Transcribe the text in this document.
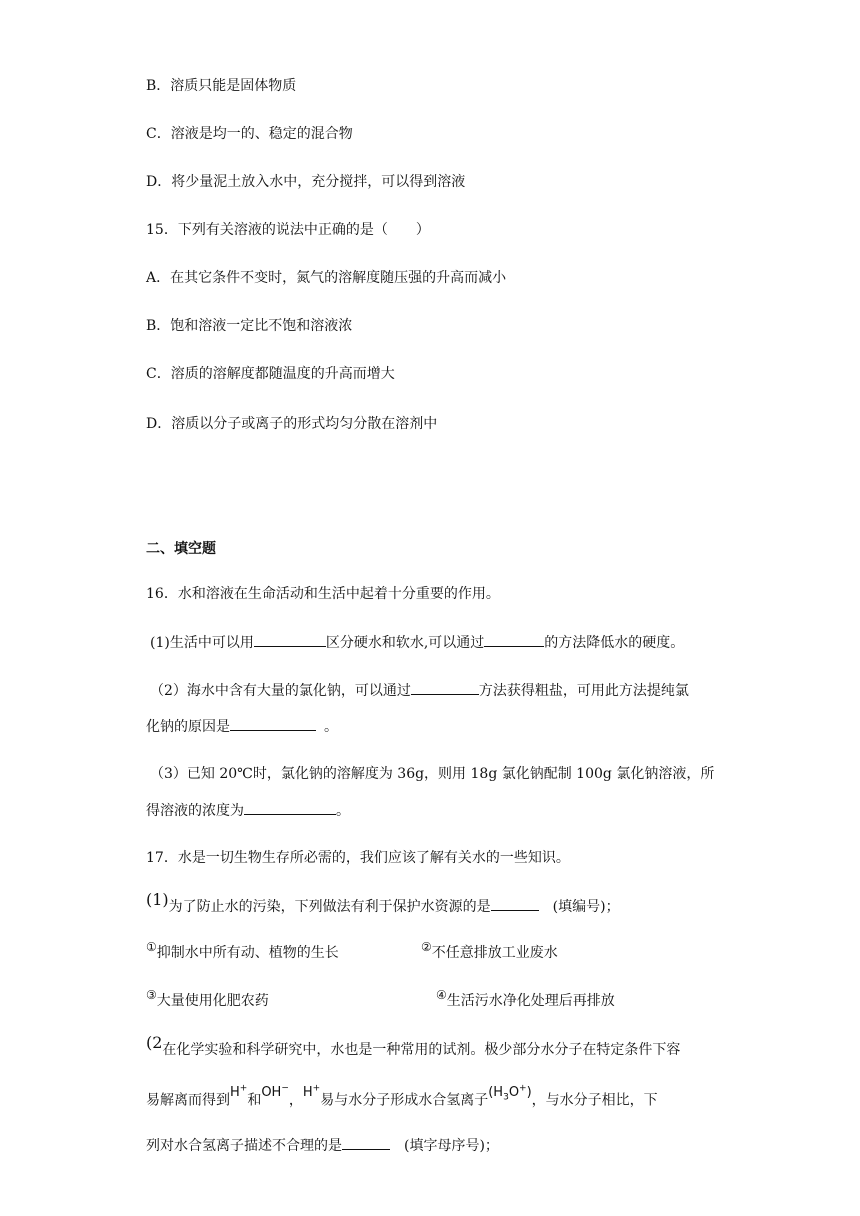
B．溶质只能是固体物质
C．溶液是均一的、稳定的混合物
D．将少量泥土放入水中，充分搅拌，可以得到溶液
15．下列有关溶液的说法中正确的是（　　）
A．在其它条件不变时，氮气的溶解度随压强的升高而减小
B．饱和溶液一定比不饱和溶液浓
C．溶质的溶解度都随温度的升高而增大
D．溶质以分子或离子的形式均匀分散在溶剂中
二、填空题
16．水和溶液在生命活动和生活中起着十分重要的作用。
(1)生活中可以用	区分硬水和软水,可以通过	的方法降低水的硬度。
（2）海水中含有大量的氯化钠，可以通过	方法获得粗盐，可用此方法提纯氯
化钠的原因是	。
（3）已知 20℃时，氯化钠的溶解度为 36g，则用 18g 氯化钠配制 100g 氯化钠溶液，所
得溶液的浓度为	。
17．水是一切生物生存所必需的，我们应该了解有关水的一些知识。
(1)为了防止水的污染，下列做法有利于保护水资源的是	(填编号)；
①抑制水中所有动、植物的生长	②不任意排放工业废水
③大量使用化肥农药	④生活污水净化处理后再排放
(2在化学实验和科学研究中，水也是一种常用的试剂。极少部分水分子在特定条件下容
易解离而得到H+和OH−，H+易与水分子形成水合氢离子$(H_3O^+)$，与水分子相比，下
列对水合氢离子描述不合理的是	(填字母序号)；
